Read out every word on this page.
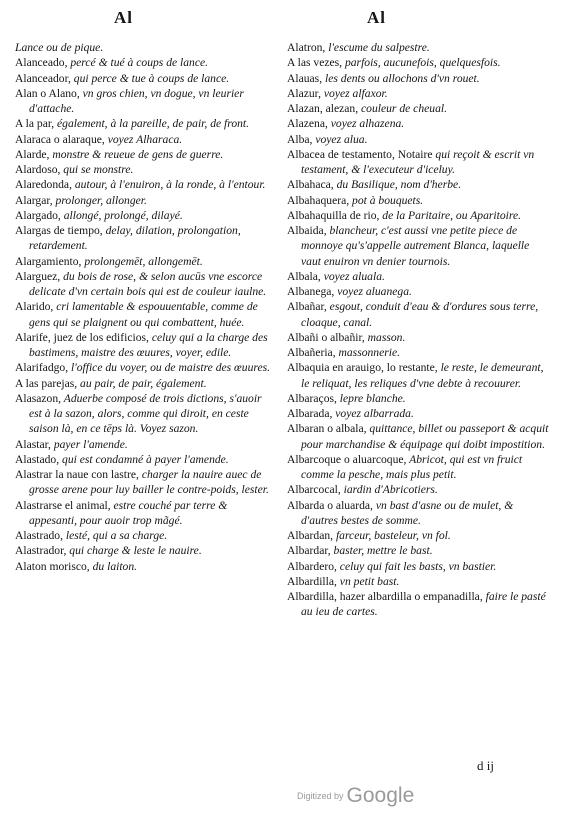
Al	Al

Lance ou de pique.

Alanceado, percé & tué à coups de lance.

Alanceador, qui perce & tue à coups de lance.

Alan o Alano, vn gros chien, vn dogue, vn leurier d'attache.

A la par, également, à la pareille, de pair, de front.

Alaraca o alaraque, voyez Alharaca.

Alarde, monstre & reueue de gens de guerre.

Alardoso, qui se monstre.

Alaredonda, autour, à l'enuiron, à la ronde, à l'entour.

Alargar, prolonger, allonger.

Alargado, allongé, prolongé, dilayé.

Alargas de tiempo, delay, dilation, prolongation, retardement.

Alargamiento, prolongemēt, allongemēt.

Alarguez, du bois de rose, & selon aucūs vne escorce delicate d'vn certain bois qui est de couleur iaulne.

Alarido, cri lamentable & espouuentable, comme de gens qui se plaignent ou qui combattent, huée.

Alarife, juez de los edificios, celuy qui a la charge des bastimens, maistre des œuures, voyer, edile.

Alarifadgo, l'office du voyer, ou de maistre des œuures.

A las parejas, au pair, de pair, également.

Alasazon, Aduerbe composé de trois dictions, s'auoir est à la sazon, alors, comme qui diroit, en ceste saison là, en ce tēps là. Voyez sazon.

Alastar, payer l'amende.

Alastado, qui est condamné à payer l'amende.

Alastrar la naue con lastre, charger la nauire auec de grosse arene pour luy bailler le contre-poids, lester.

Alastrarse el animal, estre couché par terre & appesanti, pour auoir trop mãgé.

Alastrado, lesté, qui a sa charge.

Alastrador, qui charge & leste le nauire.

Alaton morisco, du laiton.

Alatron, l'escume du salpestre.

A las vezes, parfois, aucunefois, quelquesfois.

Alauas, les dents ou allochons d'vn rouet.

Alazur, voyez alfaxor.

Alazan, alezan, couleur de cheual.

Alazena, voyez alhazena.

Alba, voyez alua.

Albacea de testamento, Notaire qui reçoit & escrit vn testament, & l'executeur d'iceluy.

Albahaca, du Basilique, nom d'herbe.

Albahaquera, pot à bouquets.

Albahaquilla de rio, de la Paritaire, ou Aparitoire.

Albaida, blancheur, c'est aussi vne petite piece de monnoye qu's'appelle autrement Blanca, laquelle vaut enuiron vn denier tournois.

Albala, voyez aluala.

Albanega, voyez aluanega.

Albañar, esgout, conduit d'eau & d'ordures sous terre, cloaque, canal.

Albañi o albañir, masson.

Albañeria, massonnerie.

Albaquia en arauigo, lo restante, le reste, le demeurant, le reliquat, les reliques d'vne debte à recouurer.

Albaraços, lepre blanche.

Albarada, voyez albarrada.

Albaran o albala, quittance, billet ou passeport & acquit pour marchandise & équipage qui doibt impostition.

Albarcoque o aluarcoque, Abricot, qui est vn fruict comme la pesche, mais plus petit.

Albarcocal, iardin d'Abricotiers.

Albarda o aluarda, vn bast d'asne ou de mulet, & d'autres bestes de somme.

Albardan, farceur, basteleur, vn fol.

Albardar, baster, mettre le bast.

Albardero, celuy qui fait les basts, vn bastier.

Albardilla, vn petit bast.

Albardilla, hazer albardilla o empanadilla, faire le pasté au ieu de cartes.

d ij
Digitized by Google
